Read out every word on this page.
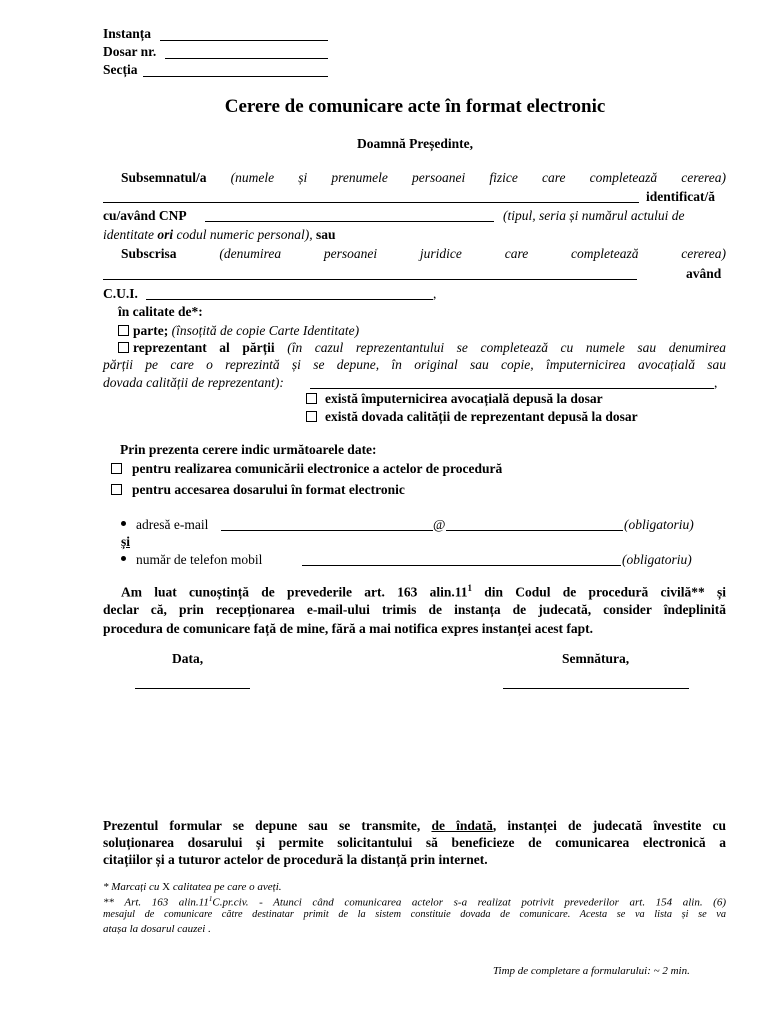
Instanța
Dosar nr.
Secția
Cerere de comunicare acte în format electronic
Doamnă Președinte,
Subsemnatul/a (numele și prenumele persoanei fizice care completează cererea)
identificat/ă
cu/având CNP	(tipul, seria și numărul actului de
identitate ori codul numeric personal), sau
Subscrisa	(denumirea persoanei juridice care completează cererea)
având
C.U.I.	,
în calitate de*:
parte; (însoțită de copie Carte Identitate)
reprezentant al părții (în cazul reprezentantului se completează cu numele sau denumirea
părții pe care o reprezintă și se depune, în original sau copie, împuternicirea avocațială sau
dovada calității de reprezentant):	,
există împuternicirea avocațială depusă la dosar
există dovada calității de reprezentant depusă la dosar
Prin prezenta cerere indic următoarele date:
pentru realizarea comunicării electronice a actelor de procedură
pentru accesarea dosarului în format electronic
adresă e-mail	@	(obligatoriu)
și
număr de telefon mobil	(obligatoriu)
Am luat cunoștință de prevederile art. 163 $alin.11^1$ din Codul de procedură civilă** și
declar că, prin recepționarea e-mail-ului trimis de instanța de judecată, consider îndeplinită
procedura de comunicare față de mine, fără a mai notifica expres instanței acest fapt.
Data,	Semnătura,
Prezentul formular se depune sau se transmite, de îndată, instanței de judecată învestite cu
soluționarea dosarului și permite solicitantului să beneficieze de comunicarea electronică a
citațiilor și a tuturor actelor de procedură la distanță prin internet.
* Marcați cu X calitatea pe care o aveți.
** Art. 163 $alin.11^1C.pr.civ$. - Atunci când comunicarea actelor s-a realizat potrivit prevederilor art. 154 alin. (6)
mesajul de comunicare către destinatar primit de la sistem constituie dovada de comunicare. Acesta se va lista și se va
atașa la dosarul cauzei .
Timp de completare a formularului: ~ 2 min.
